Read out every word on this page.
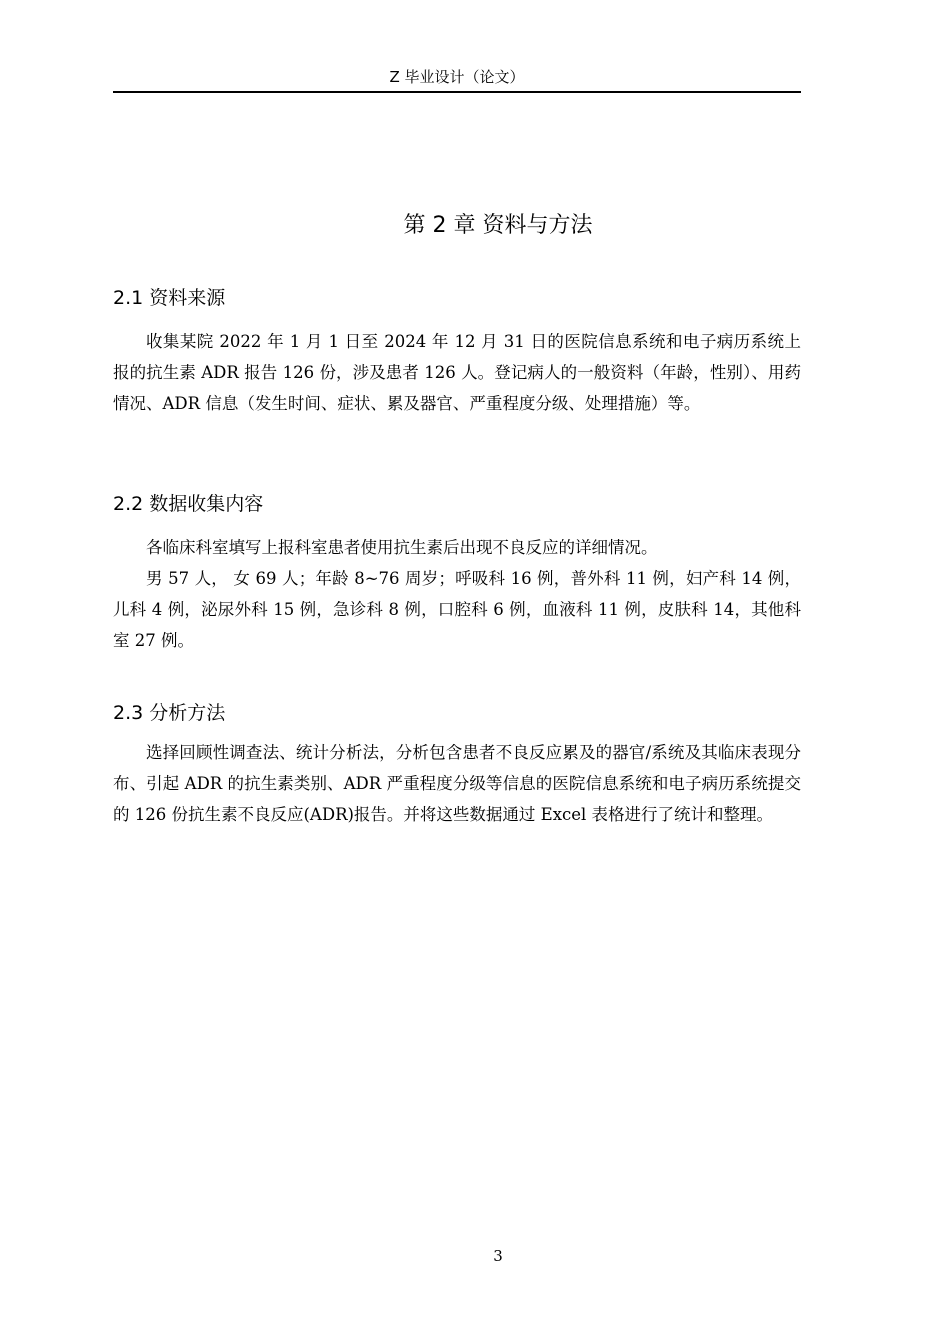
Z 毕业设计（论文）
第 2 章 资料与方法
2.1 资料来源

收集某院 2022 年 1 月 1 日至 2024 年 12 月 31 日的医院信息系统和电子病历系统上报的抗生素 ADR 报告 126 份，涉及患者 126 人。登记病人的一般资料（年龄，性别）、用药情况、ADR 信息（发生时间、症状、累及器官、严重程度分级、处理措施）等。

2.2 数据收集内容

各临床科室填写上报科室患者使用抗生素后出现不良反应的详细情况。

男 57 人， 女 69 人；年龄 8~76 周岁；呼吸科 16 例，普外科 11 例，妇产科 14 例，儿科 4 例，泌尿外科 15 例，急诊科 8 例，口腔科 6 例，血液科 11 例，皮肤科 14，其他科室 27 例。

2.3 分析方法

选择回顾性调查法、统计分析法，分析包含患者不良反应累及的器官/系统及其临床表现分布、引起 ADR 的抗生素类别、ADR 严重程度分级等信息的医院信息系统和电子病历系统提交的 126 份抗生素不良反应(ADR)报告。并将这些数据通过 Excel 表格进行了统计和整理。

3
